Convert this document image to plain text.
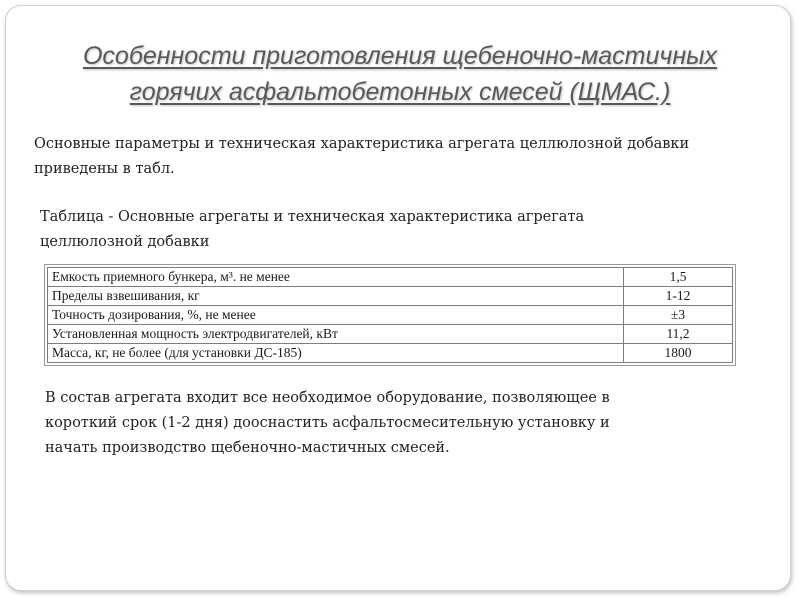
Особенности приготовления щебеночно-мастичных
горячих асфальтобетонных смесей (ЩМАС.)
Основные параметры и техническая характеристика агрегата целлюлозной добавки
приведены в табл.
Таблица - Основные агрегаты и техническая характеристика агрегата
целлюлозной добавки
Емкость приемного бункера, м³. не менее	1,5
Пределы взвешивания, кг	1-12
Точность дозирования, %, не менее	±3
Установленная мощность электродвигателей, кВт	11,2
Масса, кг, не более (для установки ДС-185)	1800
В состав агрегата входит все необходимое оборудование, позволяющее в
короткий срок (1-2 дня) дооснастить асфальтосмесительную установку и
начать производство щебеночно-мастичных смесей.
